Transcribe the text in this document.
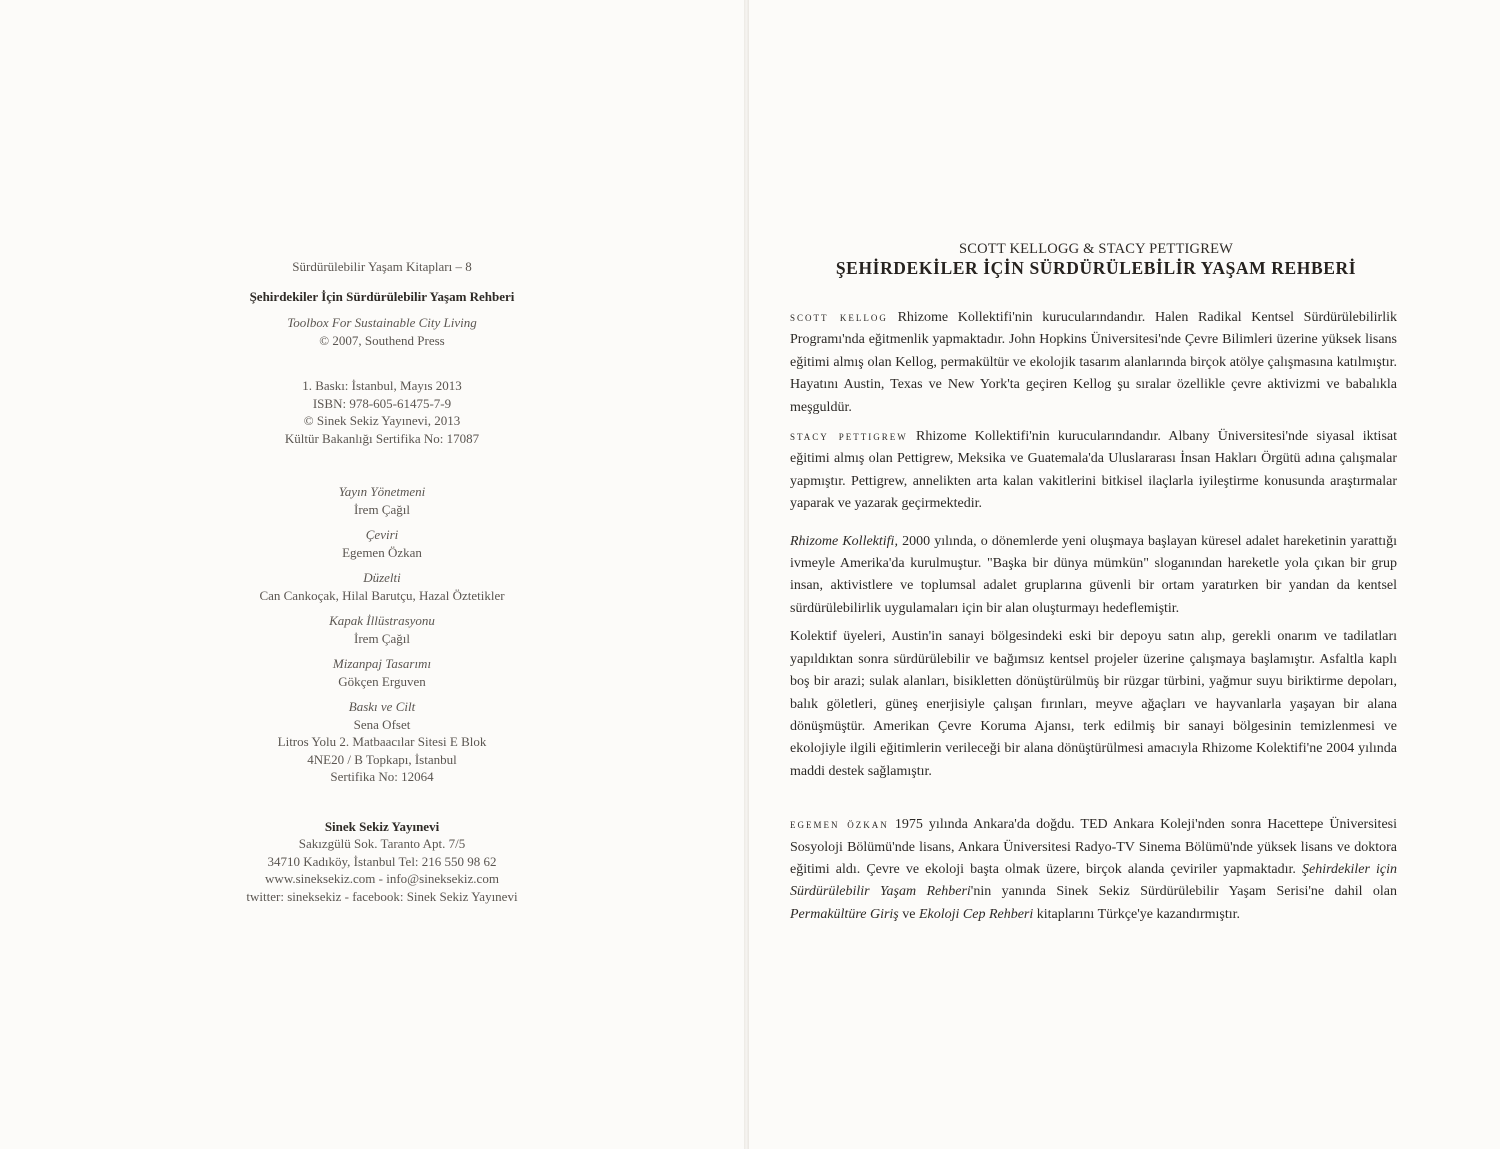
Sürdürülebilir Yaşam Kitapları – 8
Şehirdekiler İçin Sürdürülebilir Yaşam Rehberi
Toolbox For Sustainable City Living
© 2007, Southend Press
1. Baskı: İstanbul, Mayıs 2013
ISBN: 978-605-61475-7-9
© Sinek Sekiz Yayınevi, 2013
Kültür Bakanlığı Sertifika No: 17087
Yayın Yönetmeni
İrem Çağıl
Çeviri
Egemen Özkan
Düzelti
Can Cankoçak, Hilal Barutçu, Hazal Öztetikler
Kapak İllüstrasyonu
İrem Çağıl
Mizanpaj Tasarımı
Gökçen Erguven
Baskı ve Cilt
Sena Ofset
Litros Yolu 2. Matbaacılar Sitesi E Blok
4NE20 / B Topkapı, İstanbul
Sertifika No: 12064
Sinek Sekiz Yayınevi
Sakızgülü Sok. Taranto Apt. 7/5
34710 Kadıköy, İstanbul Tel: 216 550 98 62
www.sineksekiz.com - info@sineksekiz.com
twitter: sineksekiz - facebook: Sinek Sekiz Yayınevi
SCOTT KELLOGG & STACY PETTIGREW
ŞEHİRDEKİLER İÇİN SÜRDÜRÜLEBİLİR YAŞAM REHBERİ

scott kellog Rhizome Kollektifi'nin kurucularındandır. Halen Radikal Kentsel Sürdürülebilirlik Programı'nda eğitmenlik yapmaktadır. John Hopkins Üniversitesi'nde Çevre Bilimleri üzerine yüksek lisans eğitimi almış olan Kellog, permakültür ve ekolojik tasarım alanlarında birçok atölye çalışmasına katılmıştır. Hayatını Austin, Texas ve New York'ta geçiren Kellog şu sıralar özellikle çevre aktivizmi ve babalıkla meşguldür.

stacy pettigrew Rhizome Kollektifi'nin kurucularındandır. Albany Üniversitesi'nde siyasal iktisat eğitimi almış olan Pettigrew, Meksika ve Guatemala'da Uluslararası İnsan Hakları Örgütü adına çalışmalar yapmıştır. Pettigrew, annelikten arta kalan vakitlerini bitkisel ilaçlarla iyileştirme konusunda araştırmalar yaparak ve yazarak geçirmektedir.

Rhizome Kollektifi, 2000 yılında, o dönemlerde yeni oluşmaya başlayan küresel adalet hareketinin yarattığı ivmeyle Amerika'da kurulmuştur. "Başka bir dünya mümkün" sloganından hareketle yola çıkan bir grup insan, aktivistlere ve toplumsal adalet gruplarına güvenli bir ortam yaratırken bir yandan da kentsel sürdürülebilirlik uygulamaları için bir alan oluşturmayı hedeflemiştir.

Kolektif üyeleri, Austin'in sanayi bölgesindeki eski bir depoyu satın alıp, gerekli onarım ve tadilatları yapıldıktan sonra sürdürülebilir ve bağımsız kentsel projeler üzerine çalışmaya başlamıştır. Asfaltla kaplı boş bir arazi; sulak alanları, bisikletten dönüştürülmüş bir rüzgar türbini, yağmur suyu biriktirme depoları, balık göletleri, güneş enerjisiyle çalışan fırınları, meyve ağaçları ve hayvanlarla yaşayan bir alana dönüşmüştür. Amerikan Çevre Koruma Ajansı, terk edilmiş bir sanayi bölgesinin temizlenmesi ve ekolojiyle ilgili eğitimlerin verileceği bir alana dönüştürülmesi amacıyla Rhizome Kolektifi'ne 2004 yılında maddi destek sağlamıştır.

egemen özkan 1975 yılında Ankara'da doğdu. TED Ankara Koleji'nden sonra Hacettepe Üniversitesi Sosyoloji Bölümü'nde lisans, Ankara Üniversitesi Radyo-TV Sinema Bölümü'nde yüksek lisans ve doktora eğitimi aldı. Çevre ve ekoloji başta olmak üzere, birçok alanda çeviriler yapmaktadır. Şehirdekiler için Sürdürülebilir Yaşam Rehberi'nin yanında Sinek Sekiz Sürdürülebilir Yaşam Serisi'ne dahil olan Permakültüre Giriş ve Ekoloji Cep Rehberi kitaplarını Türkçe'ye kazandırmıştır.
